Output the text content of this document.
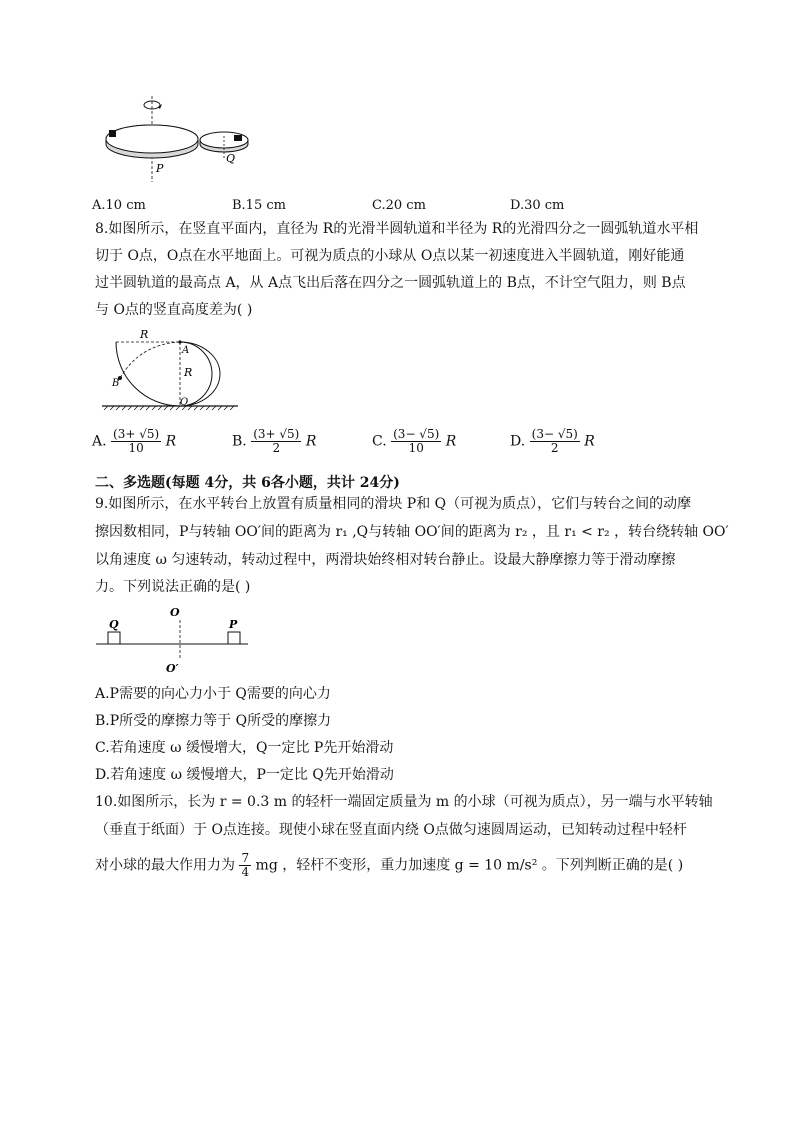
P
Q
A.10 cm	B.15 cm	C.20 cm	D.30 cm
8.如图所示，在竖直平面内，直径为 R的光滑半圆轨道和半径为 R的光滑四分之一圆弧轨道水平相
切于 O点，O点在水平地面上。可视为质点的小球从 O点以某一初速度进入半圆轨道，刚好能通
过半圆轨道的最高点 A，从 A点飞出后落在四分之一圆弧轨道上的 B点，不计空气阻力，则 B点
与 O点的竖直高度差为( )
R
R
A
B
O
A. $\frac{(3+ √5)}{10}$ R	B. $\frac{(3+ √5)}{2}$ R	C. $\frac{(3- √5)}{10}$ R	D. $\frac{(3- √5)}{2}$ R
二、多选题(每题 4分，共 6各小题，共计 24分)
9.如图所示，在水平转台上放置有质量相同的滑块 P和 Q（可视为质点），它们与转台之间的动摩
擦因数相同，P与转轴 OO′间的距离为 r₁ ,Q与转轴 OO′间的距离为 r₂ ，且 r₁ < r₂ ，转台绕转轴 OO′
以角速度 ω 匀速转动，转动过程中，两滑块始终相对转台静止。设最大静摩擦力等于滑动摩擦
力。下列说法正确的是( )
Q
O
P
O′
A.P需要的向心力小于 Q需要的向心力
B.P所受的摩擦力等于 Q所受的摩擦力
C.若角速度 ω 缓慢增大，Q一定比 P先开始滑动
D.若角速度 ω 缓慢增大，P一定比 Q先开始滑动
10.如图所示，长为 r = 0.3 m 的轻杆一端固定质量为 m 的小球（可视为质点），另一端与水平转轴
（垂直于纸面）于 O点连接。现使小球在竖直面内绕 O点做匀速圆周运动，已知转动过程中轻杆
对小球的最大作用力为 $\frac{7}{4}$ mg ，轻杆不变形，重力加速度 g = 10 m/s² 。下列判断正确的是( )
